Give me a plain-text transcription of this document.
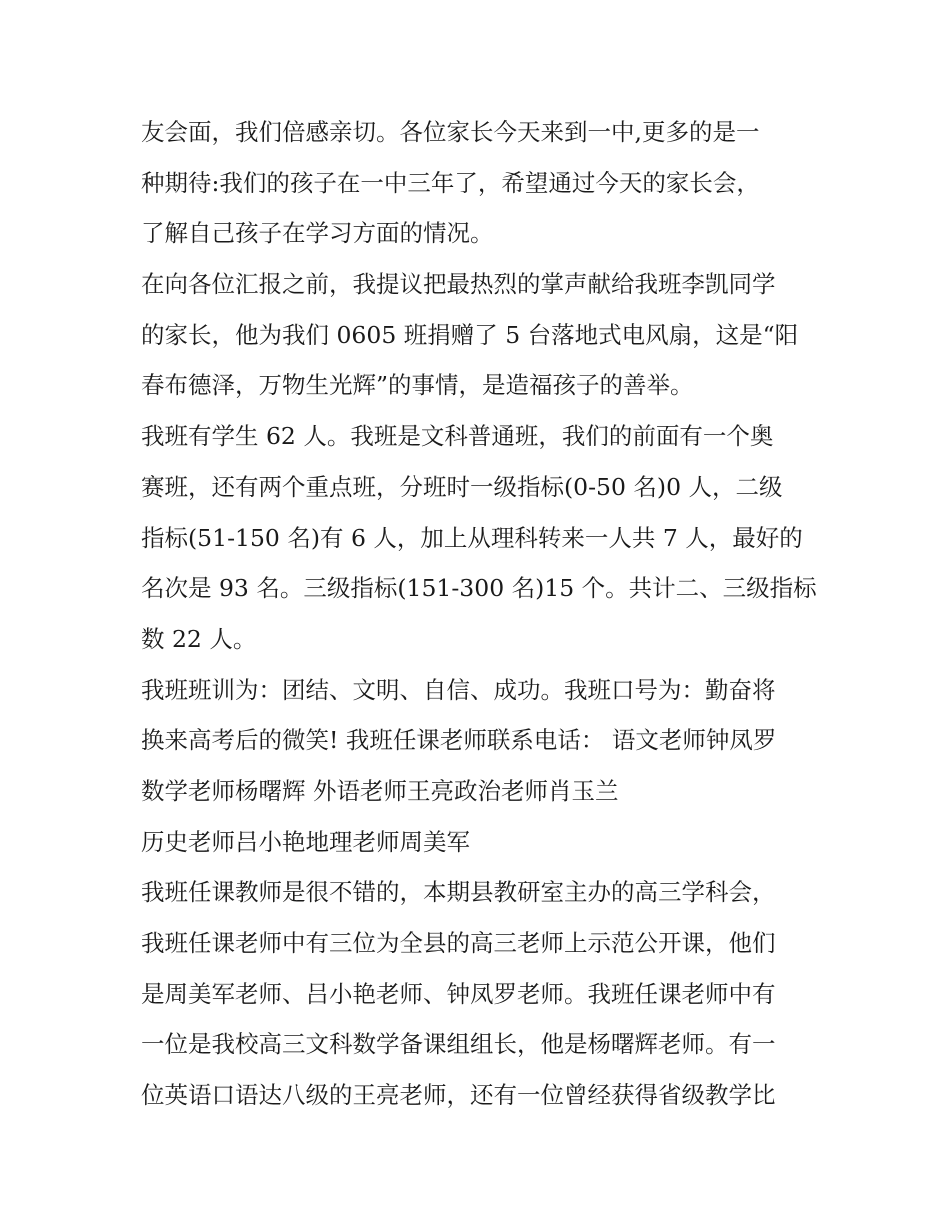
友会面，我们倍感亲切。各位家长今天来到一中,更多的是一
种期待:我们的孩子在一中三年了，希望通过今天的家长会，
了解自己孩子在学习方面的情况。
在向各位汇报之前，我提议把最热烈的掌声献给我班李凯同学
的家长，他为我们 0605 班捐赠了 5 台落地式电风扇，这是“阳
春布德泽，万物生光辉”的事情，是造福孩子的善举。
我班有学生 62 人。我班是文科普通班，我们的前面有一个奥
赛班，还有两个重点班，分班时一级指标(0-50 名)0 人，二级
指标(51-150 名)有 6 人，加上从理科转来一人共 7 人，最好的
名次是 93 名。三级指标(151-300 名)15 个。共计二、三级指标
数 22 人。
我班班训为：团结、文明、自信、成功。我班口号为：勤奋将
换来高考后的微笑! 我班任课老师联系电话： 语文老师钟凤罗
数学老师杨曙辉 外语老师王亮政治老师肖玉兰
历史老师吕小艳地理老师周美军
我班任课教师是很不错的，本期县教研室主办的高三学科会，
我班任课老师中有三位为全县的高三老师上示范公开课，他们
是周美军老师、吕小艳老师、钟凤罗老师。我班任课老师中有
一位是我校高三文科数学备课组组长，他是杨曙辉老师。有一
位英语口语达八级的王亮老师，还有一位曾经获得省级教学比
